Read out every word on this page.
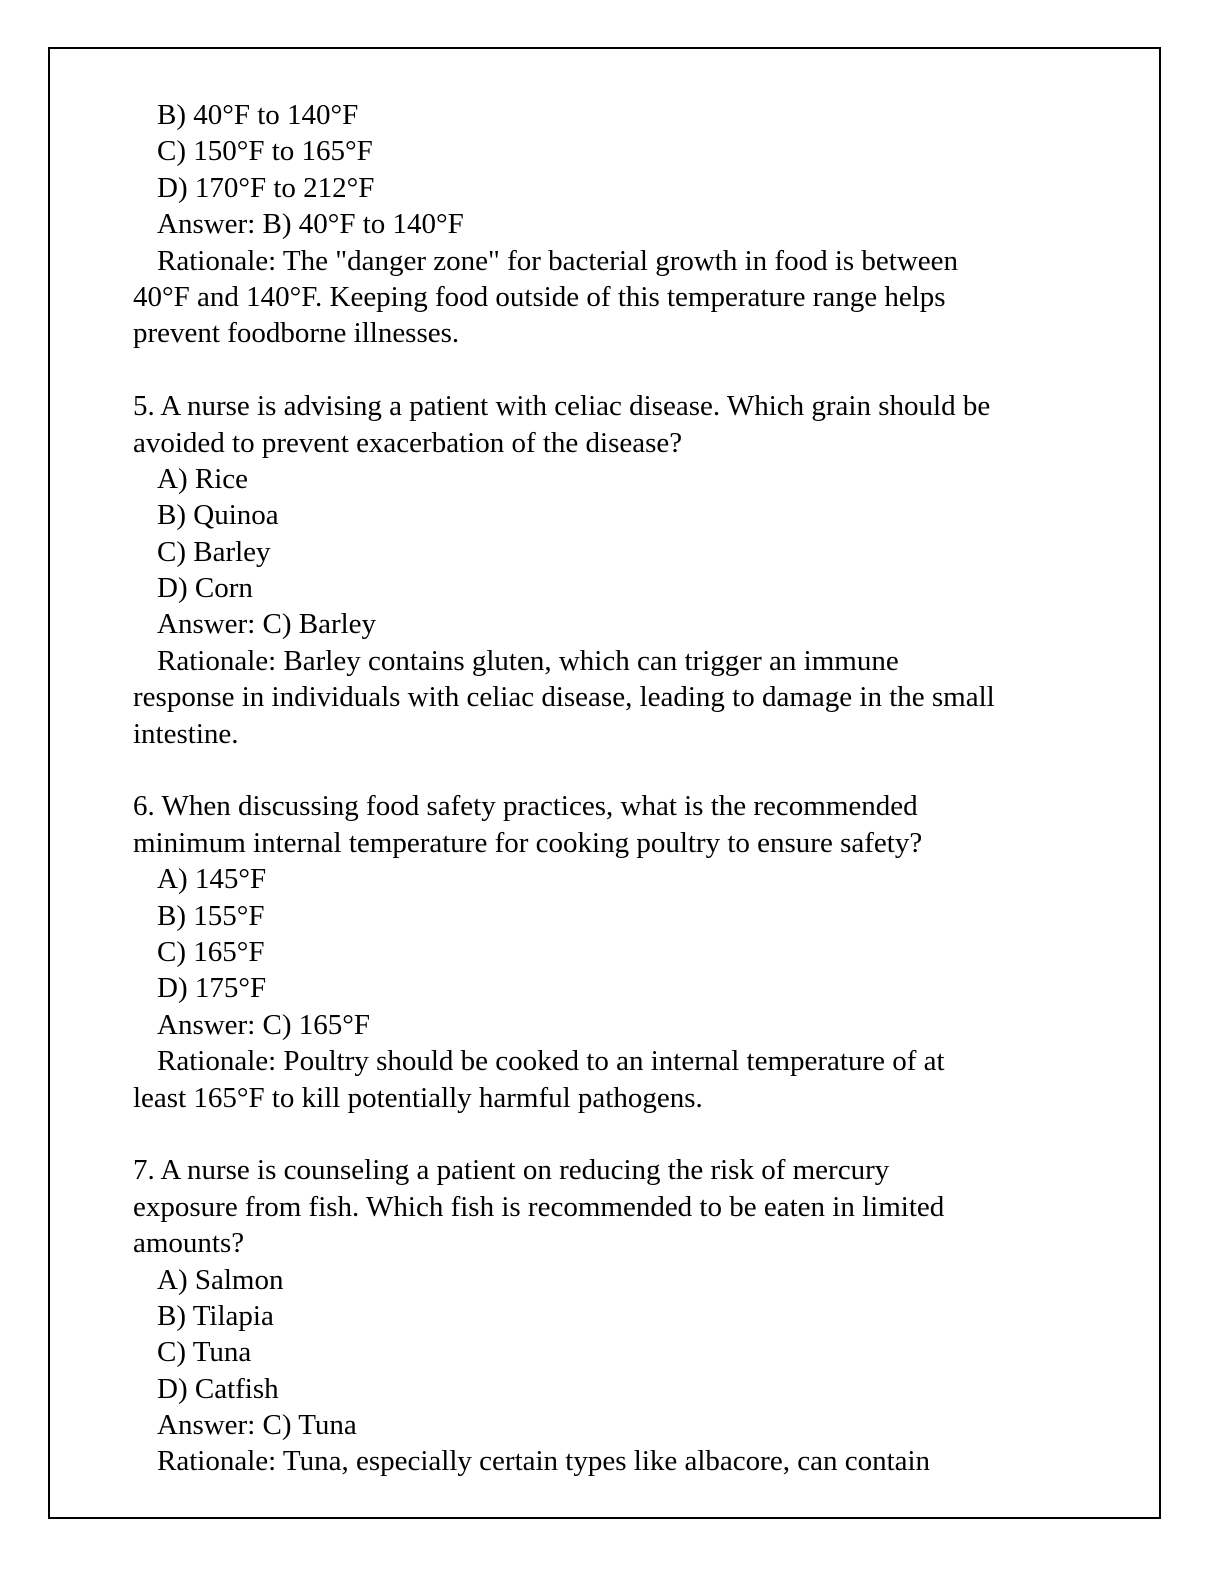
B) 40°F to 140°F
C) 150°F to 165°F
D) 170°F to 212°F
Answer: B) 40°F to 140°F
Rationale: The "danger zone" for bacterial growth in food is between
40°F and 140°F. Keeping food outside of this temperature range helps
prevent foodborne illnesses.
5. A nurse is advising a patient with celiac disease. Which grain should be
avoided to prevent exacerbation of the disease?
A) Rice
B) Quinoa
C) Barley
D) Corn
Answer: C) Barley
Rationale: Barley contains gluten, which can trigger an immune
response in individuals with celiac disease, leading to damage in the small
intestine.
6. When discussing food safety practices, what is the recommended
minimum internal temperature for cooking poultry to ensure safety?
A) 145°F
B) 155°F
C) 165°F
D) 175°F
Answer: C) 165°F
Rationale: Poultry should be cooked to an internal temperature of at
least 165°F to kill potentially harmful pathogens.
7. A nurse is counseling a patient on reducing the risk of mercury
exposure from fish. Which fish is recommended to be eaten in limited
amounts?
A) Salmon
B) Tilapia
C) Tuna
D) Catfish
Answer: C) Tuna
Rationale: Tuna, especially certain types like albacore, can contain
